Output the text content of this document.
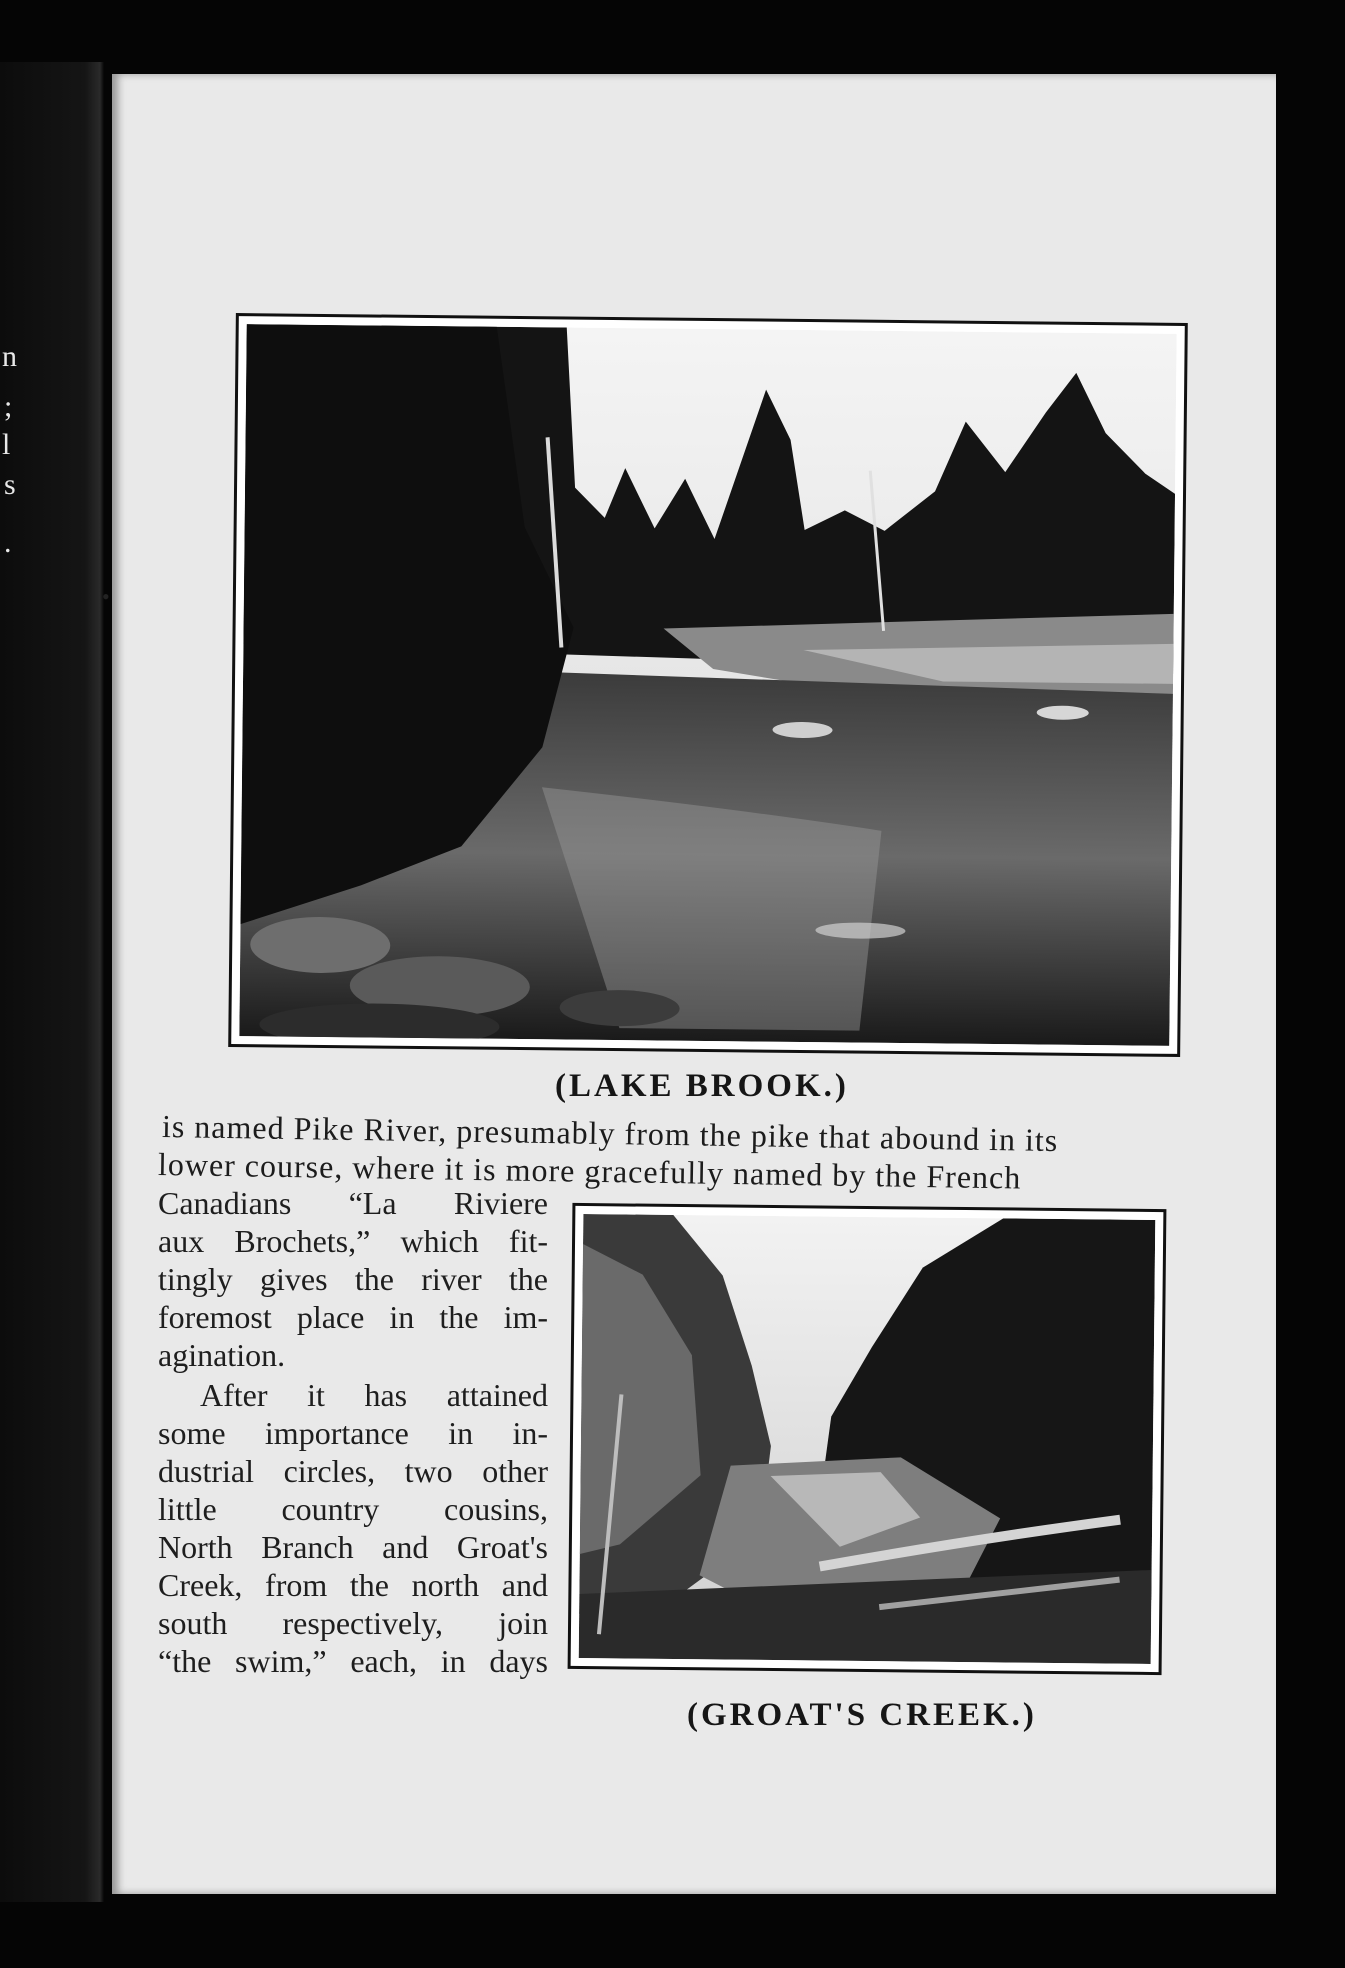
n
;
l
s
.
(LAKE BROOK.)
is named Pike River, presumably from the pike that abound in its
lower course, where it is more gracefully named by the French
Canadians “La Riviere
aux Brochets,” which fit-
tingly gives the river the
foremost place in the im-
agination.
After it has attained
some importance in in-
dustrial circles, two other
little country cousins,
North Branch and Groat's
Creek, from the north and
south respectively, join
“the swim,” each, in days
(GROAT'S CREEK.)
•
